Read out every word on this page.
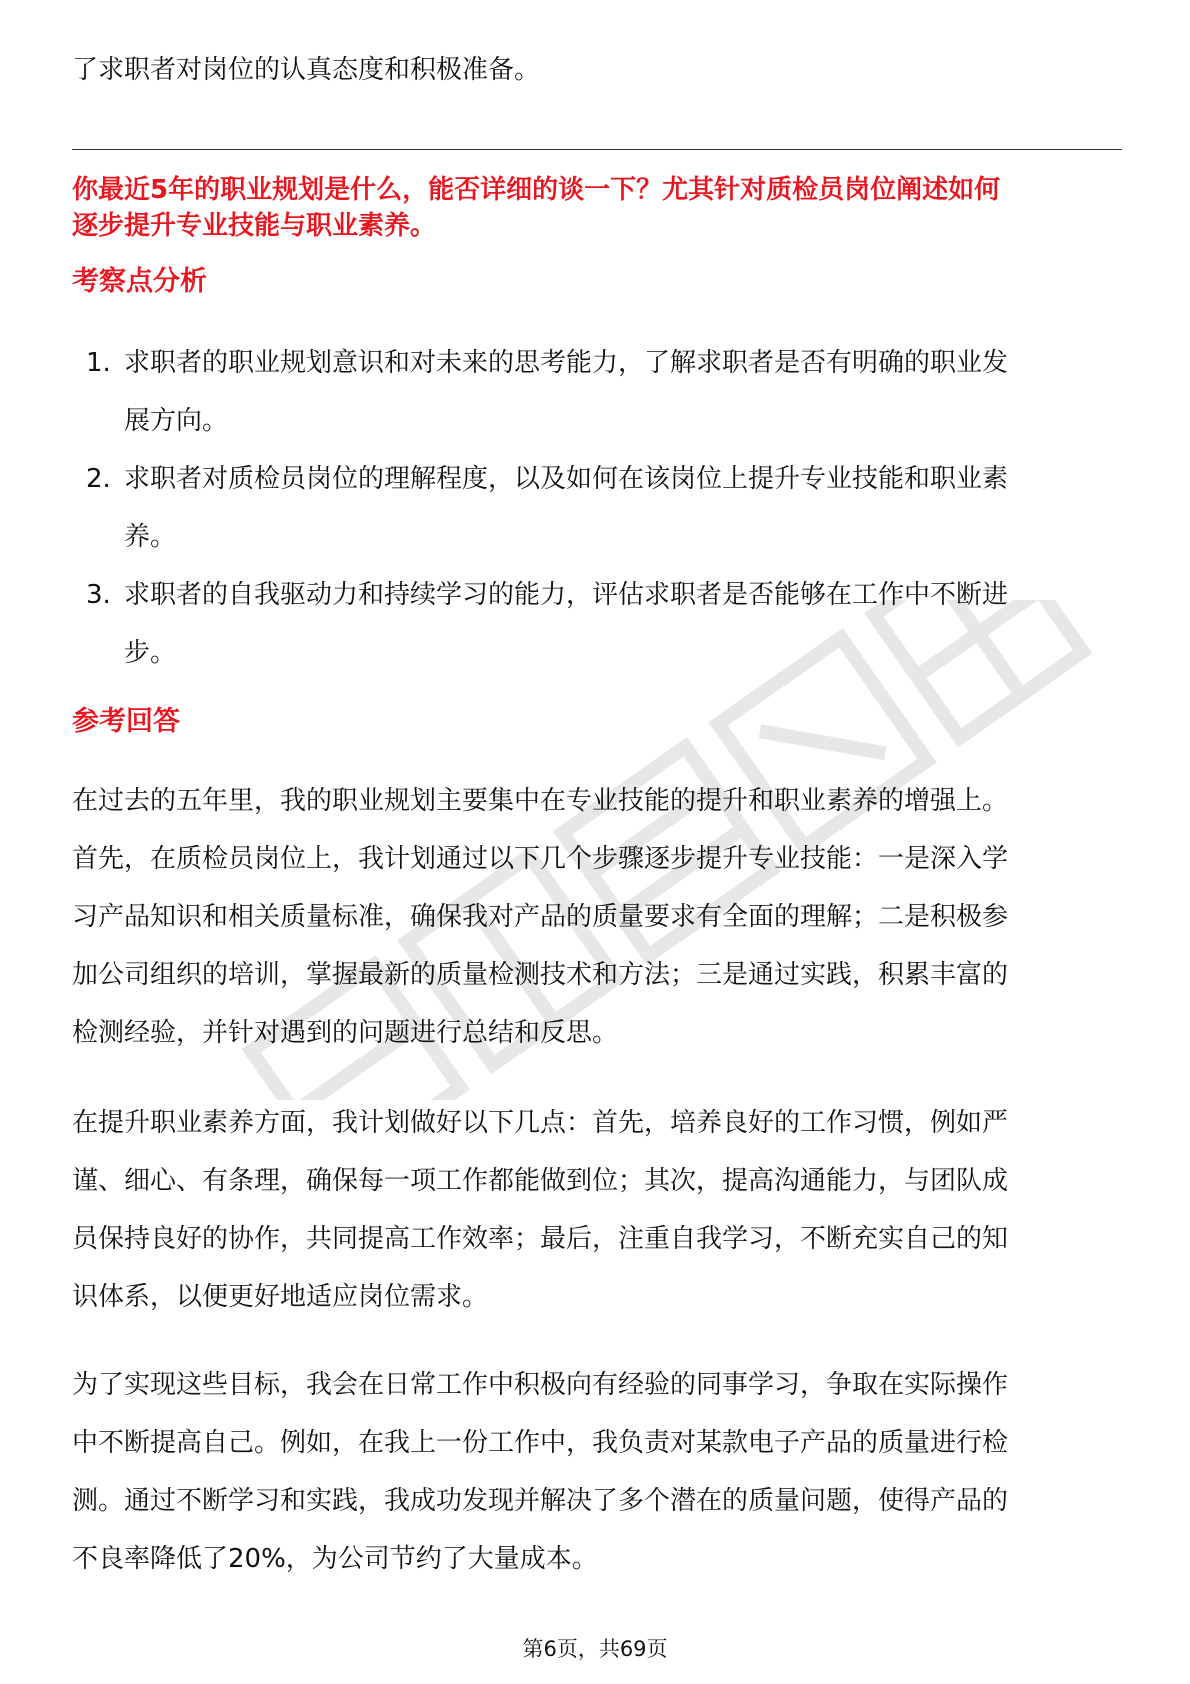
了求职者对岗位的认真态度和积极准备。
你最近5年的职业规划是什么，能否详细的谈一下？尤其针对质检员岗位阐述如何
逐步提升专业技能与职业素养。
考察点分析
1. 求职者的职业规划意识和对未来的思考能力，了解求职者是否有明确的职业发
展方向。
2. 求职者对质检员岗位的理解程度，以及如何在该岗位上提升专业技能和职业素
养。
3. 求职者的自我驱动力和持续学习的能力，评估求职者是否能够在工作中不断进
步。
参考回答
在过去的五年里，我的职业规划主要集中在专业技能的提升和职业素养的增强上。
首先，在质检员岗位上，我计划通过以下几个步骤逐步提升专业技能：一是深入学
习产品知识和相关质量标准，确保我对产品的质量要求有全面的理解；二是积极参
加公司组织的培训，掌握最新的质量检测技术和方法；三是通过实践，积累丰富的
检测经验，并针对遇到的问题进行总结和反思。
在提升职业素养方面，我计划做好以下几点：首先，培养良好的工作习惯，例如严
谨、细心、有条理，确保每一项工作都能做到位；其次，提高沟通能力，与团队成
员保持良好的协作，共同提高工作效率；最后，注重自我学习，不断充实自己的知
识体系，以便更好地适应岗位需求。
为了实现这些目标，我会在日常工作中积极向有经验的同事学习，争取在实际操作
中不断提高自己。例如，在我上一份工作中，我负责对某款电子产品的质量进行检
测。通过不断学习和实践，我成功发现并解决了多个潜在的质量问题，使得产品的
不良率降低了20%，为公司节约了大量成本。
第6页，共69页
